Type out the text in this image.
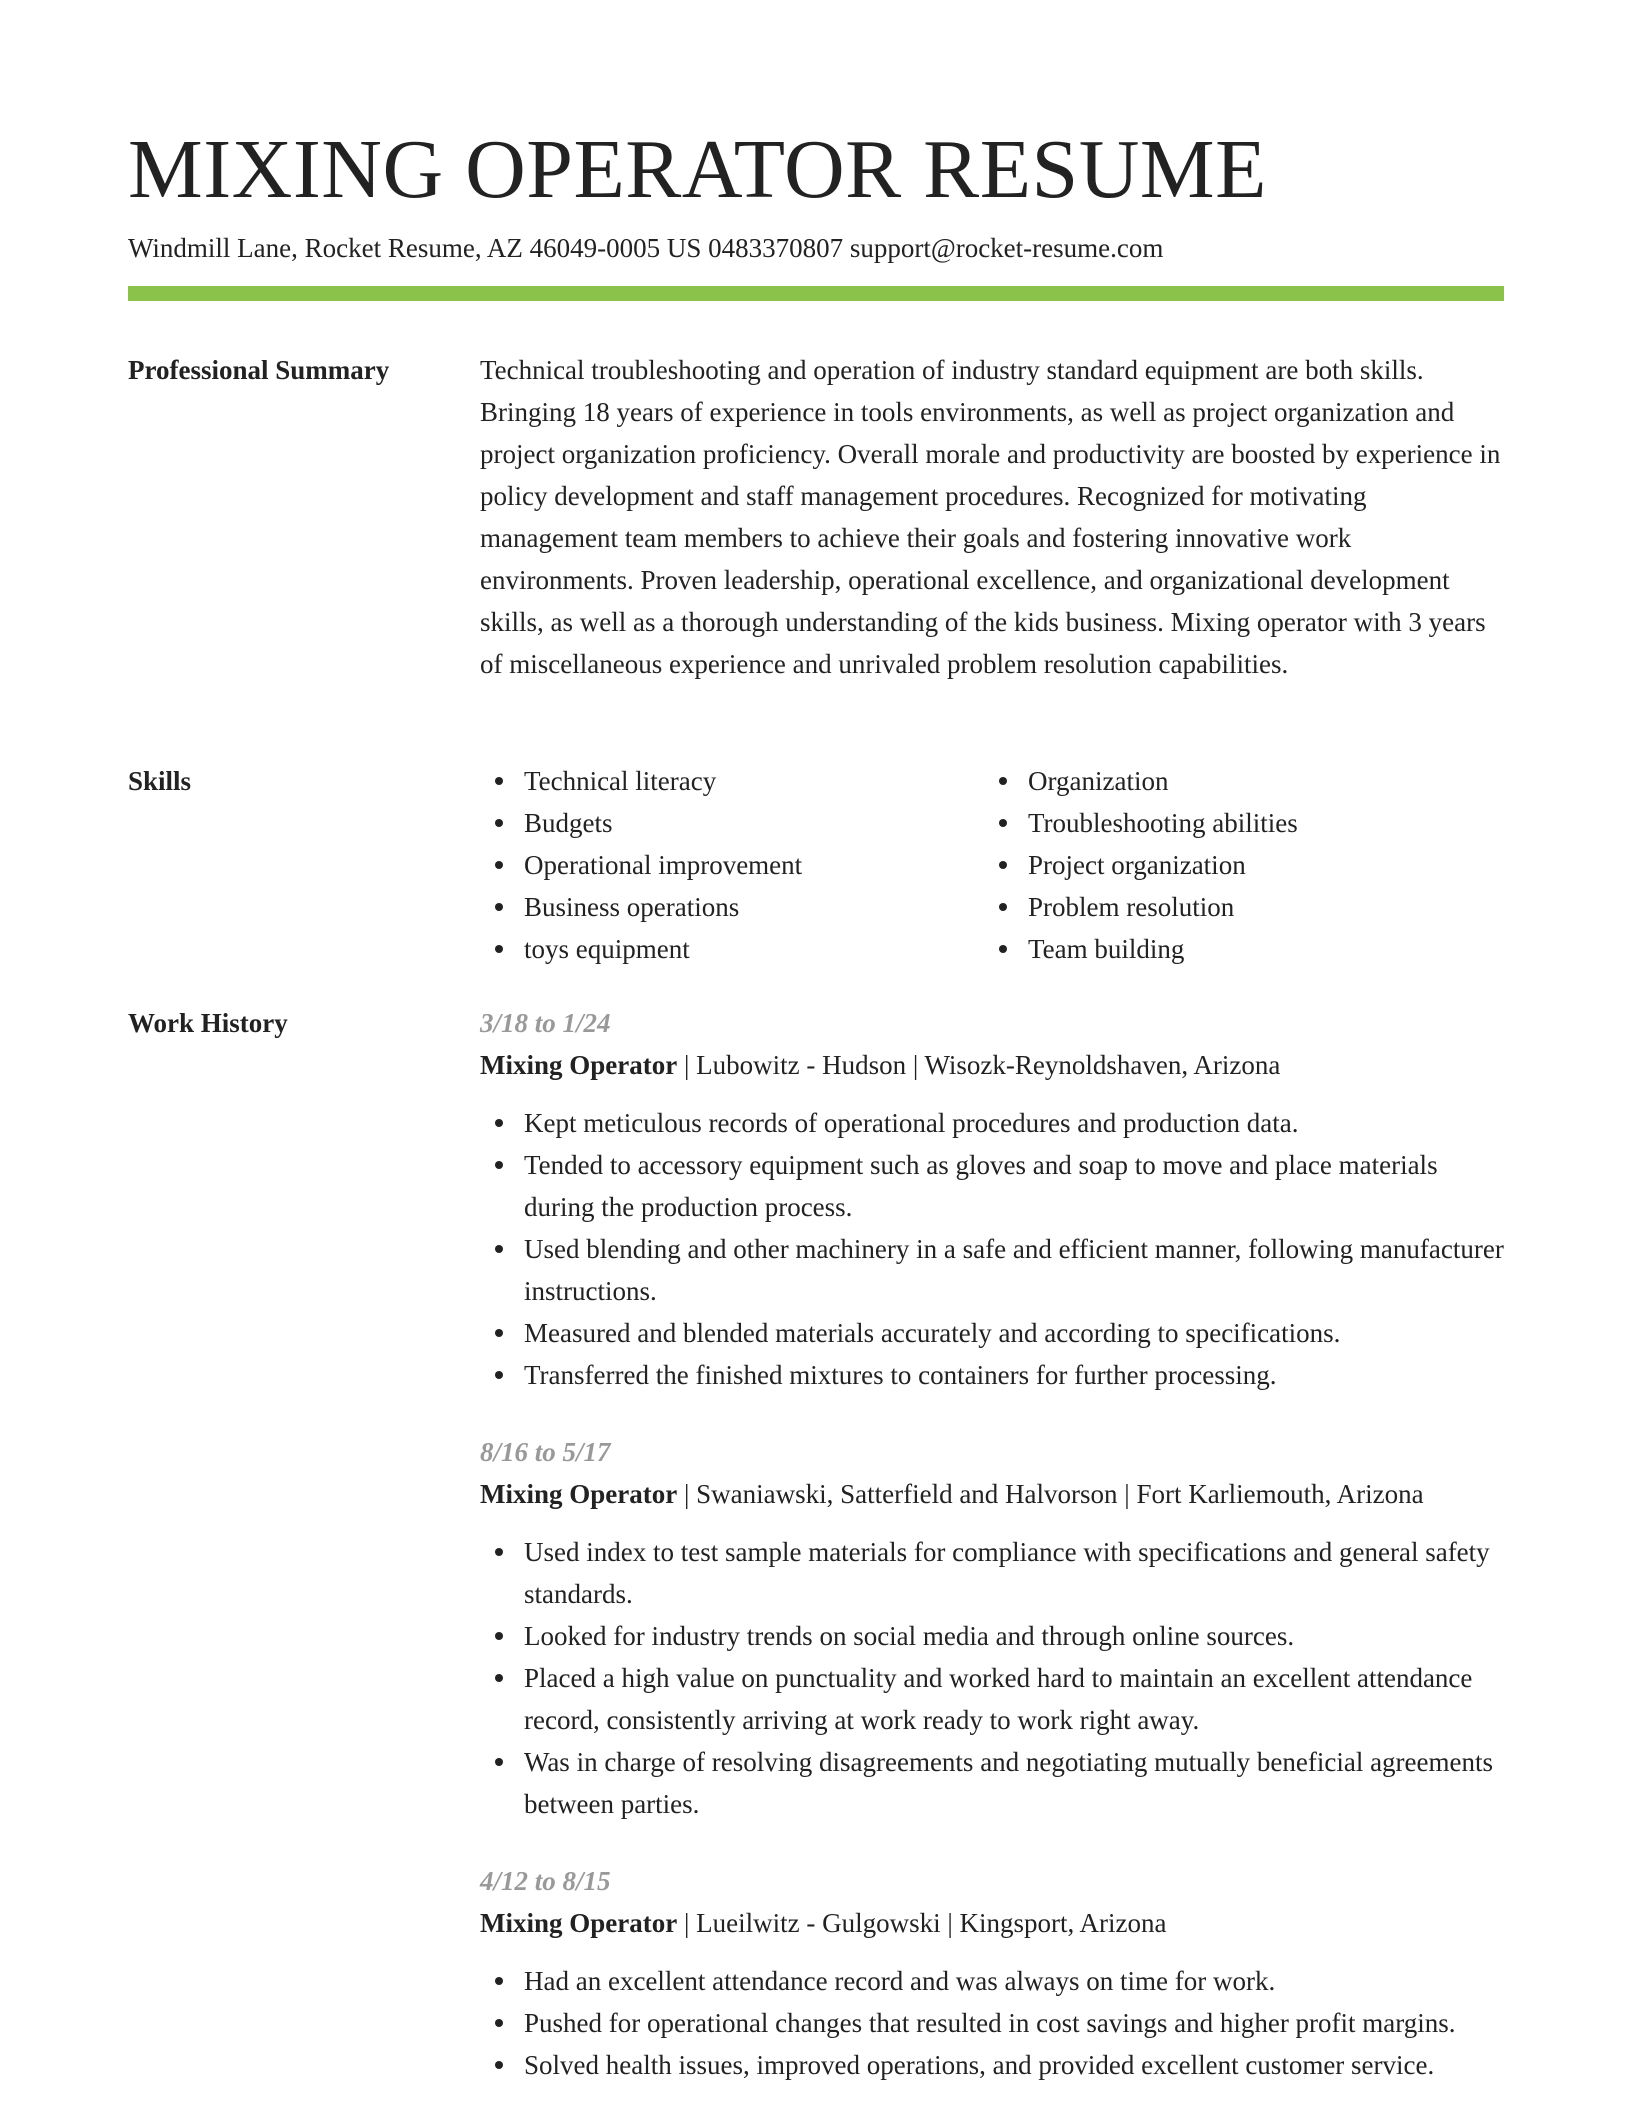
MIXING OPERATOR RESUME
Windmill Lane, Rocket Resume, AZ 46049-0005 US 0483370807 support@rocket-resume.com
Professional Summary	Technical troubleshooting and operation of industry standard equipment are both skills. Bringing 18 years of experience in tools environments, as well as project organization and project organization proficiency. Overall morale and productivity are boosted by experience in policy development and staff management procedures. Recognized for motivating management team members to achieve their goals and fostering innovative work environments. Proven leadership, operational excellence, and organizational development skills, as well as a thorough understanding of the kids business. Mixing operator with 3 years of miscellaneous experience and unrivaled problem resolution capabilities.

Skills	Technical literacy
Budgets
Operational improvement
Business operations
toys equipment
Organization
Troubleshooting abilities
Project organization
Problem resolution
Team building
Work History	3/18 to 1/24
Mixing Operator | Lubowitz - Hudson | Wisozk-Reynoldshaven, Arizona
Kept meticulous records of operational procedures and production data.
Tended to accessory equipment such as gloves and soap to move and place materials during the production process.
Used blending and other machinery in a safe and efficient manner, following manufacturer instructions.
Measured and blended materials accurately and according to specifications.
Transferred the finished mixtures to containers for further processing.
8/16 to 5/17
Mixing Operator | Swaniawski, Satterfield and Halvorson | Fort Karliemouth, Arizona
Used index to test sample materials for compliance with specifications and general safety standards.
Looked for industry trends on social media and through online sources.
Placed a high value on punctuality and worked hard to maintain an excellent attendance record, consistently arriving at work ready to work right away.
Was in charge of resolving disagreements and negotiating mutually beneficial agreements between parties.
4/12 to 8/15
Mixing Operator | Lueilwitz - Gulgowski | Kingsport, Arizona
Had an excellent attendance record and was always on time for work.
Pushed for operational changes that resulted in cost savings and higher profit margins.
Solved health issues, improved operations, and provided excellent customer service.
